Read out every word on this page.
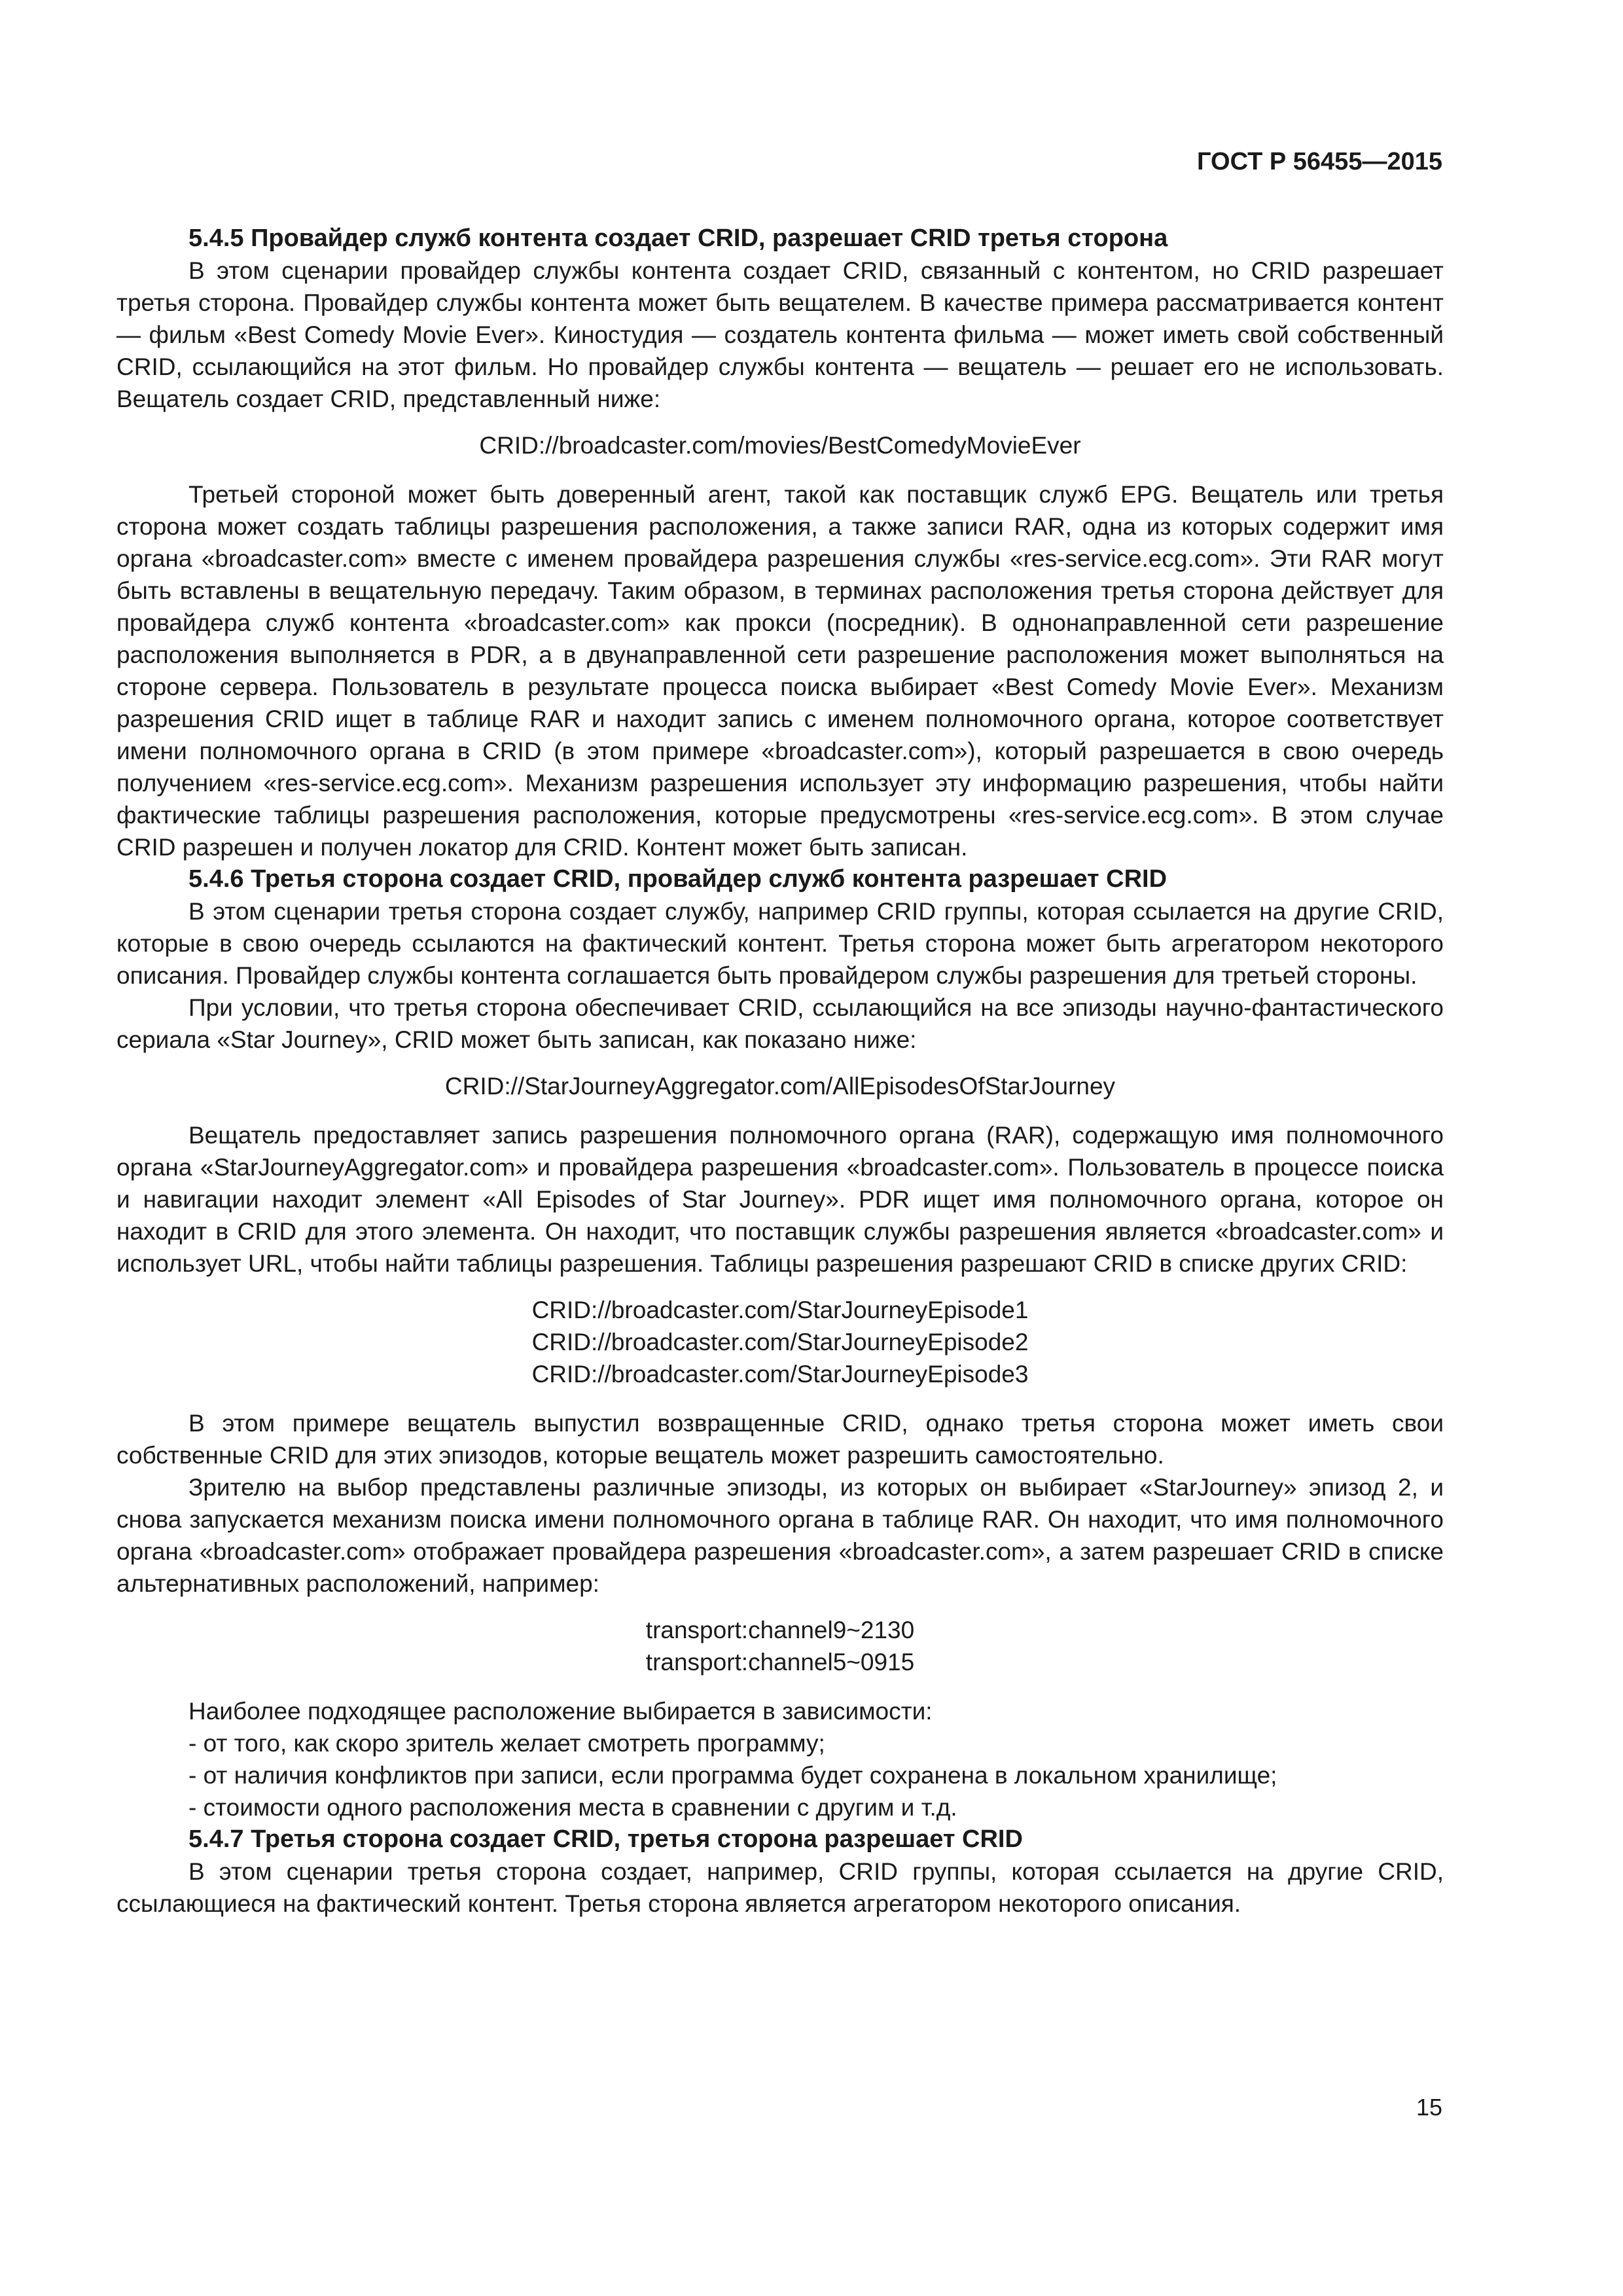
ГОСТ Р 56455—2015
5.4.5 Провайдер служб контента создает CRID, разрешает CRID третья сторона

В этом сценарии провайдер службы контента создает CRID, связанный с контентом, но CRID разрешает третья сторона. Провайдер службы контента может быть вещателем. В качестве примера рассматривается контент — фильм «Best Comedy Movie Ever». Киностудия — создатель контента фильма — может иметь свой собственный CRID, ссылающийся на этот фильм. Но провайдер службы контента — вещатель — решает его не использовать. Вещатель создает CRID, представленный ниже:

CRID://broadcaster.com/movies/BestComedyMovieEver

Третьей стороной может быть доверенный агент, такой как поставщик служб EPG. Вещатель или третья сторона может создать таблицы разрешения расположения, а также записи RAR, одна из которых содержит имя органа «broadcaster.com» вместе с именем провайдера разрешения службы «res-service.ecg.com». Эти RAR могут быть вставлены в вещательную передачу. Таким образом, в терминах расположения третья сторона действует для провайдера служб контента «broadcaster.com» как прокси (посредник). В однонаправленной сети разрешение расположения выполняется в PDR, а в двунаправленной сети разрешение расположения может выполняться на стороне сервера. Пользователь в результате процесса поиска выбирает «Best Comedy Movie Ever». Механизм разрешения CRID ищет в таблице RAR и находит запись с именем полномочного органа, которое соответствует имени полномочного органа в CRID (в этом примере «broadcaster.com»), который разрешается в свою очередь получением «res-service.ecg.com». Механизм разрешения использует эту информацию разрешения, чтобы найти фактические таблицы разрешения расположения, которые предусмотрены «res-service.ecg.com». В этом случае CRID разрешен и получен локатор для CRID. Контент может быть записан.

5.4.6 Третья сторона создает CRID, провайдер служб контента разрешает CRID

В этом сценарии третья сторона создает службу, например CRID группы, которая ссылается на другие CRID, которые в свою очередь ссылаются на фактический контент. Третья сторона может быть агрегатором некоторого описания. Провайдер службы контента соглашается быть провайдером службы разрешения для третьей стороны.

При условии, что третья сторона обеспечивает CRID, ссылающийся на все эпизоды научно-фантастического сериала «Star Journey», CRID может быть записан, как показано ниже:

CRID://StarJourneyAggregator.com/AllEpisodesOfStarJourney

Вещатель предоставляет запись разрешения полномочного органа (RAR), содержащую имя полномочного органа «StarJourneyAggregator.com» и провайдера разрешения «broadcaster.com». Пользователь в процессе поиска и навигации находит элемент «All Episodes of Star Journey». PDR ищет имя полномочного органа, которое он находит в CRID для этого элемента. Он находит, что поставщик службы разрешения является «broadcaster.com» и использует URL, чтобы найти таблицы разрешения. Таблицы разрешения разрешают CRID в списке других CRID:

CRID://broadcaster.com/StarJourneyEpisode1
CRID://broadcaster.com/StarJourneyEpisode2
CRID://broadcaster.com/StarJourneyEpisode3

В этом примере вещатель выпустил возвращенные CRID, однако третья сторона может иметь свои собственные CRID для этих эпизодов, которые вещатель может разрешить самостоятельно.

Зрителю на выбор представлены различные эпизоды, из которых он выбирает «StarJourney» эпизод 2, и снова запускается механизм поиска имени полномочного органа в таблице RAR. Он находит, что имя полномочного органа «broadcaster.com» отображает провайдера разрешения «broadcaster.com», а затем разрешает CRID в списке альтернативных расположений, например:

transport:channel9~2130
transport:channel5~0915

Наиболее подходящее расположение выбирается в зависимости:

- от того, как скоро зритель желает смотреть программу;
- от наличия конфликтов при записи, если программа будет сохранена в локальном хранилище;
- стоимости одного расположения места в сравнении с другим и т.д.
5.4.7 Третья сторона создает CRID, третья сторона разрешает CRID

В этом сценарии третья сторона создает, например, CRID группы, которая ссылается на другие CRID, ссылающиеся на фактический контент. Третья сторона является агрегатором некоторого описания.

15
